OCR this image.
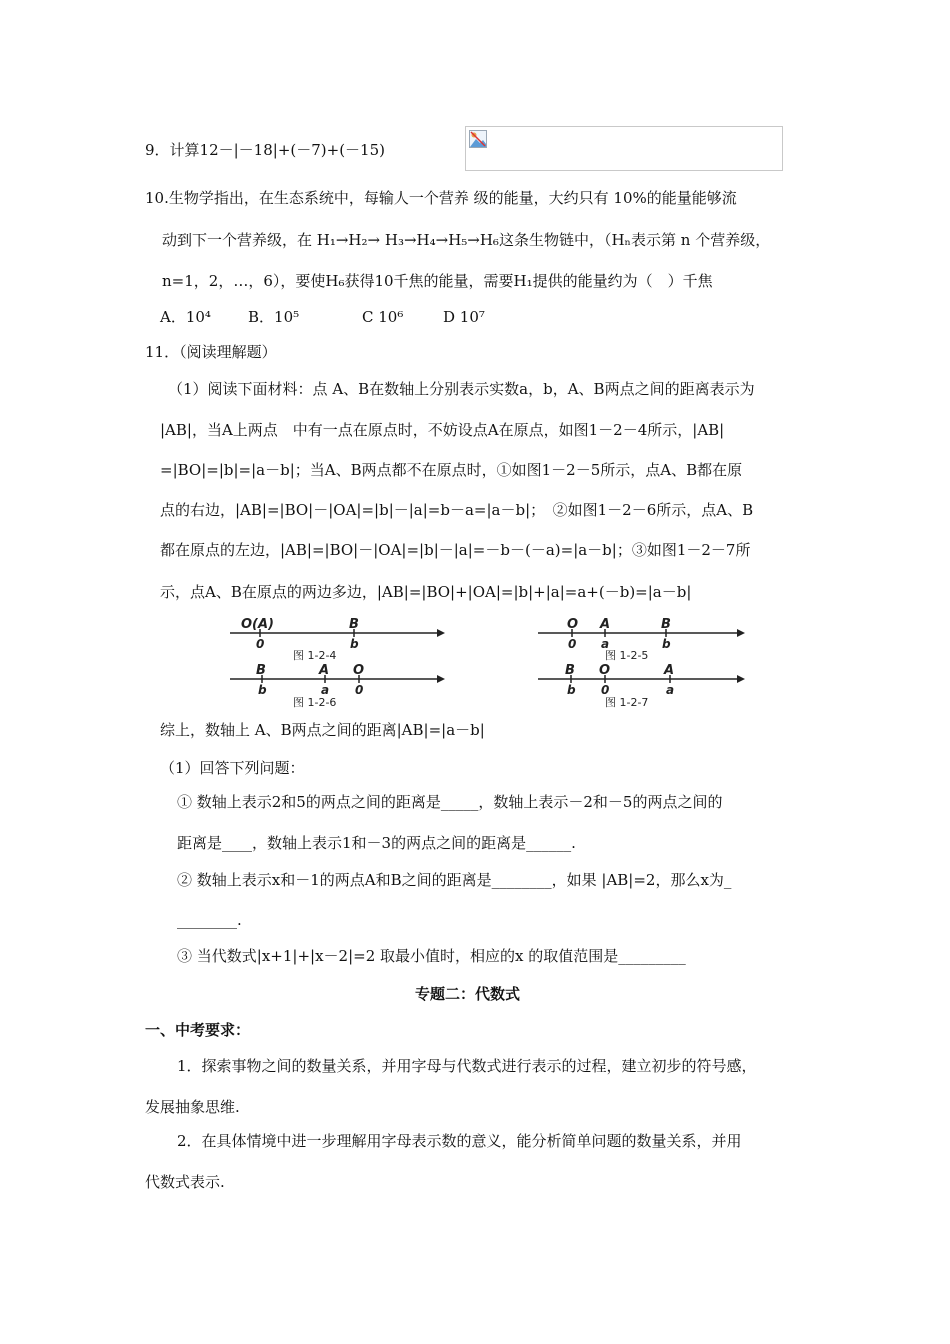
9．计算12－|－18|+(－7)+(－15)
10.生物学指出，在生态系统中，每输人一个营养 级的能量，大约只有 10%的能量能够流
动到下一个营养级，在 H₁→H₂→ H₃→H₄→H₅→H₆这条生物链中，（Hₙ表示第 n 个营养级，
n=1，2，…，6），要使H₆获得10千焦的能量，需要H₁提供的能量约为（　）千焦
A．10⁴ B．10⁵	C 10⁶	D 10⁷
11．（阅读理解题）
（1）阅读下面材料：点 A、B在数轴上分别表示实数a，b，A、B两点之间的距离表示为
|AB|，当A上两点　中有一点在原点时，不妨设点A在原点，如图1－2－4所示，|AB|
=|BO|=|b|=|a－b|；当A、B两点都不在原点时，①如图1－2－5所示，点A、B都在原
点的右边，|AB|=|BO|－|OA|=|b|－|a|=b－a=|a－b|；　②如图1－2－6所示，点A、B
都在原点的左边，|AB|=|BO|－|OA|=|b|－|a|=－b－(－a)=|a－b|；③如图1－2－7所
示，点A、B在原点的两边多边，|AB|=|BO|+|OA|=|b|+|a|=a+(－b)=|a－b|
O(A)	B
0	b
图 1-2-4
B	A O
b	a 0
图 1-2-6
O A	B
0 a	b
图 1-2-5
B O	A
b 0	a
图 1-2-7
综上，数轴上 A、B两点之间的距离|AB|=|a－b|
（1）回答下列问题：
① 数轴上表示2和5的两点之间的距离是_____，数轴上表示－2和－5的两点之间的
距离是____，数轴上表示1和－3的两点之间的距离是______.
② 数轴上表示x和－1的两点A和B之间的距离是________，如果 |AB|=2，那么x为_
________.
③ 当代数式|x+1|+|x－2|=2 取最小值时，相应的x 的取值范围是_________
专题二：代数式
一、中考要求：
1．探索事物之间的数量关系，并用字母与代数式进行表示的过程，建立初步的符号感，
发展抽象思维.
2．在具体情境中进一步理解用字母表示数的意义，能分析简单问题的数量关系，并用
代数式表示.
